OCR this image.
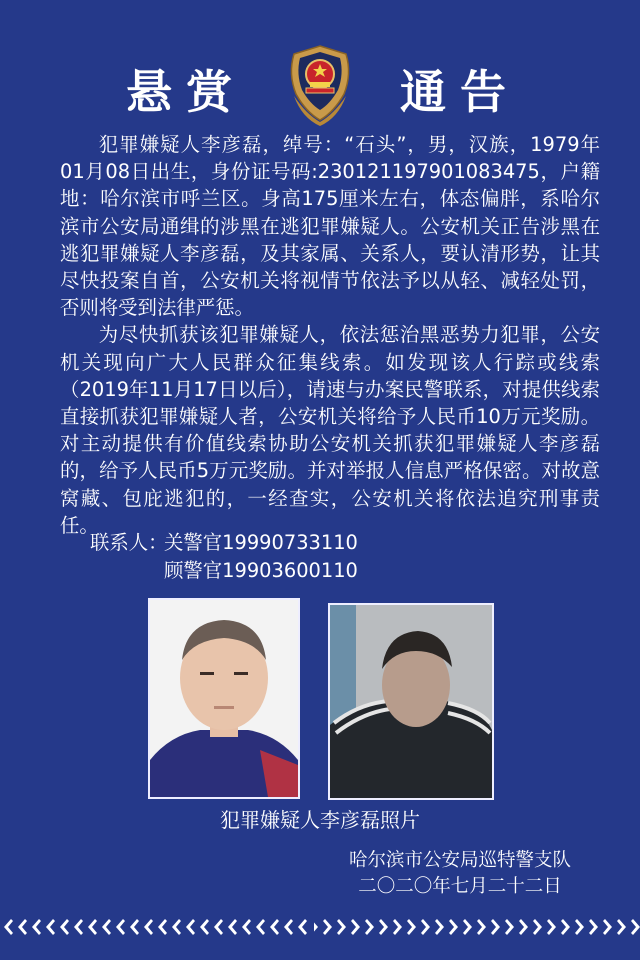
悬赏	通告

犯罪嫌疑人李彦磊，绰号：“石头”，男，汉族，1979年01月08日出生，身份证号码:230121197901083475，户籍地：哈尔滨市呼兰区。身高175厘米左右，体态偏胖，系哈尔滨市公安局通缉的涉黑在逃犯罪嫌疑人。公安机关正告涉黑在逃犯罪嫌疑人李彦磊，及其家属、关系人，要认清形势，让其尽快投案自首，公安机关将视情节依法予以从轻、减轻处罚，否则将受到法律严惩。

为尽快抓获该犯罪嫌疑人，依法惩治黑恶势力犯罪，公安机关现向广大人民群众征集线索。如发现该人行踪或线索（2019年11月17日以后），请速与办案民警联系，对提供线索直接抓获犯罪嫌疑人者，公安机关将给予人民币10万元奖励。对主动提供有价值线索协助公安机关抓获犯罪嫌疑人李彦磊的，给予人民币5万元奖励。并对举报人信息严格保密。对故意窝藏、包庇逃犯的，一经查实，公安机关将依法追究刑事责任。

联系人：
关警官19990733110
顾警官19903600110
犯罪嫌疑人李彦磊照片
哈尔滨市公安局巡特警支队
二〇二〇年七月二十二日
